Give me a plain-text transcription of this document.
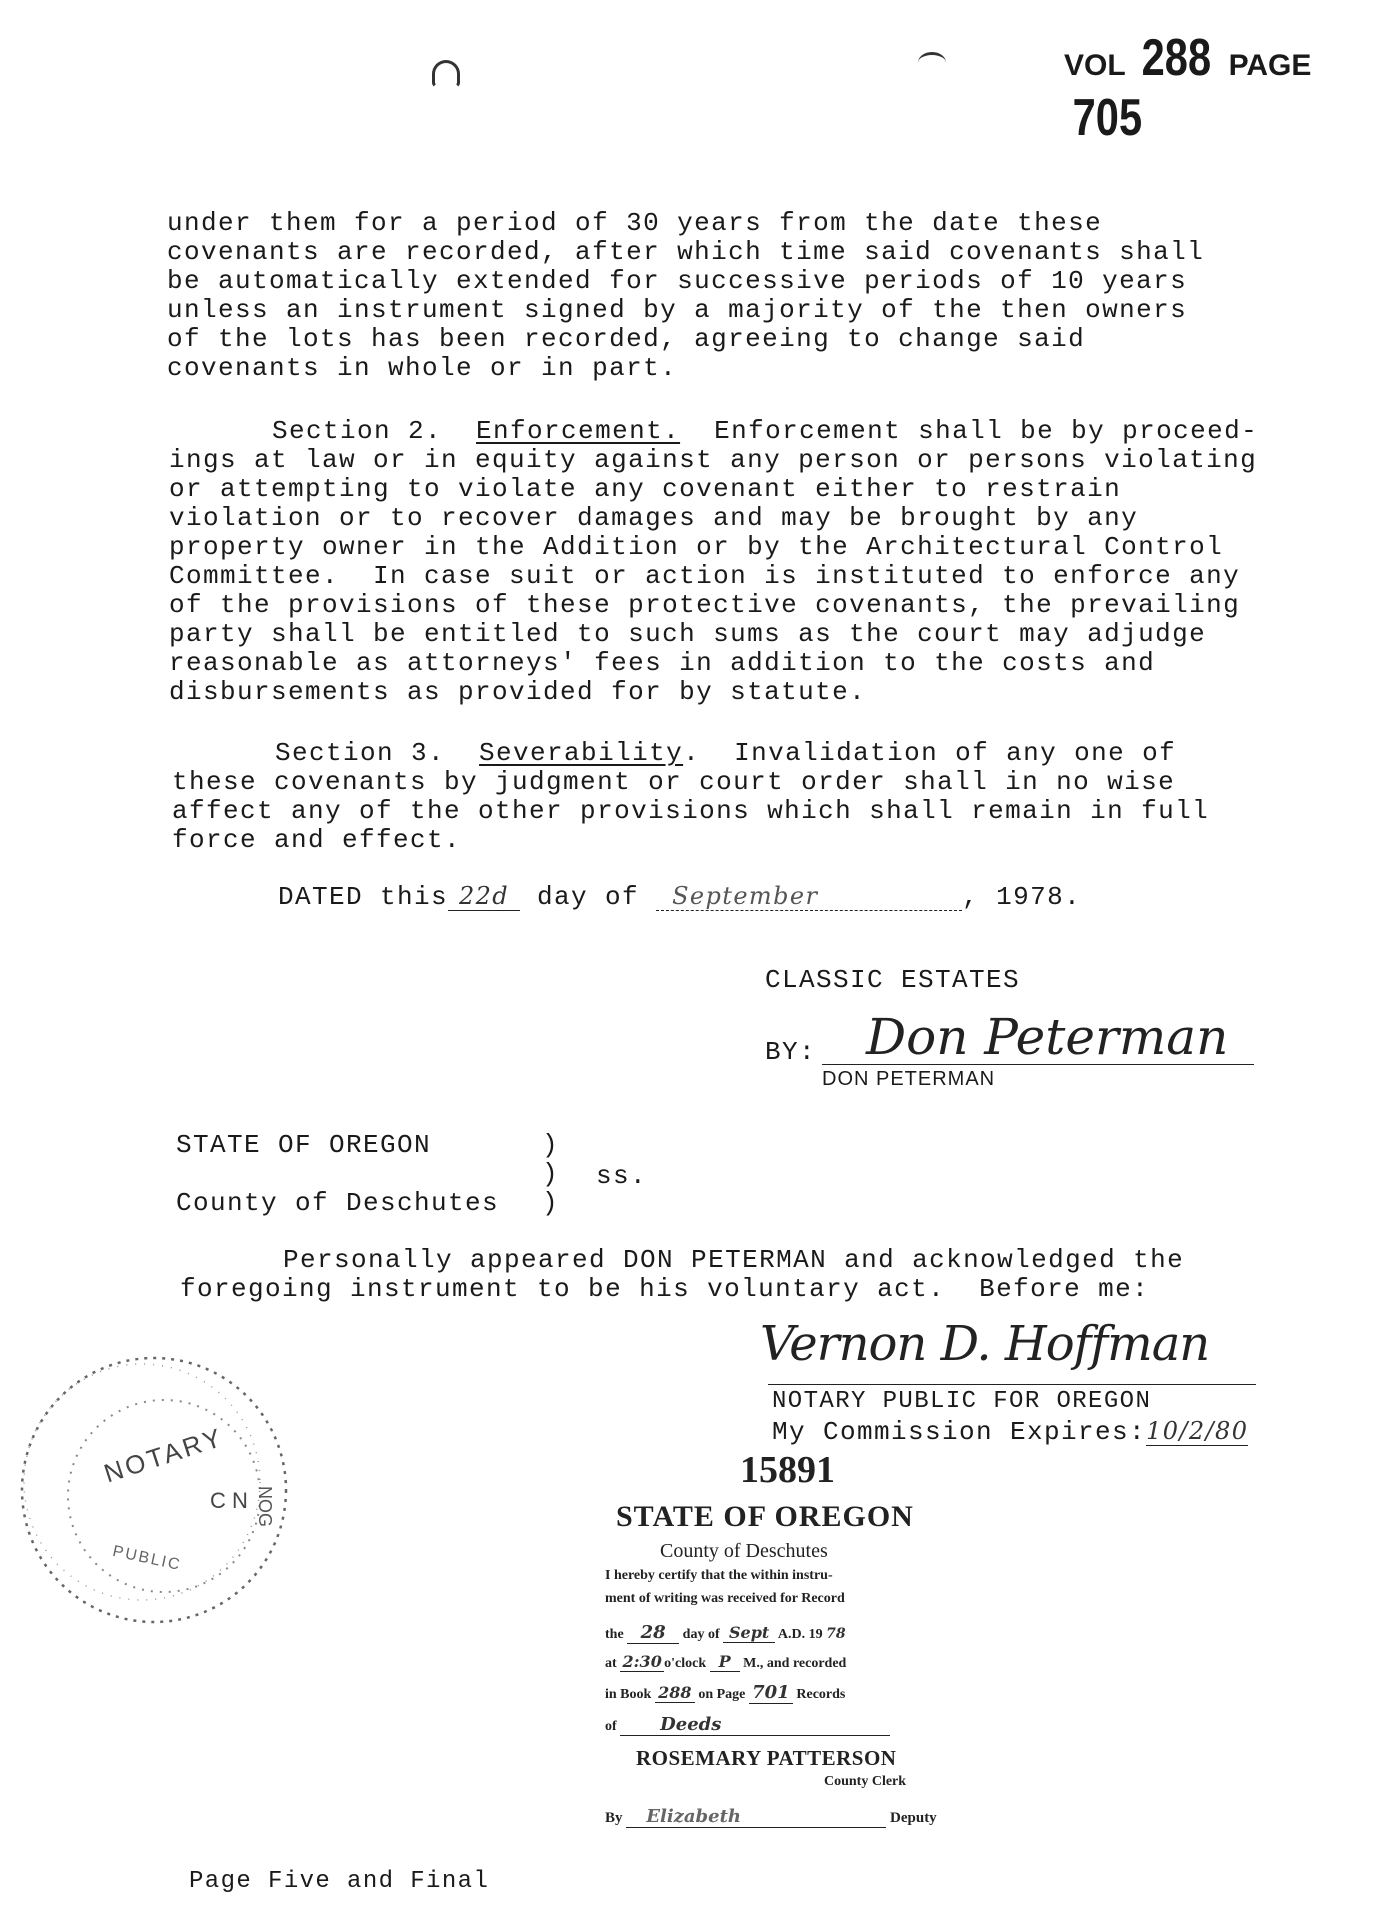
VOL 288 PAGE 705
under them for a period of 30 years from the date these
covenants are recorded, after which time said covenants shall
be automatically extended for successive periods of 10 years
unless an instrument signed by a majority of the then owners
of the lots has been recorded, agreeing to change said
covenants in whole or in part.
Section 2. Enforcement. Enforcement shall be by proceed-
ings at law or in equity against any person or persons violating
or attempting to violate any covenant either to restrain
violation or to recover damages and may be brought by any
property owner in the Addition or by the Architectural Control
Committee.  In case suit or action is instituted to enforce any
of the provisions of these protective covenants, the prevailing
party shall be entitled to such sums as the court may adjudge
reasonable as attorneys' fees in addition to the costs and
disbursements as provided for by statute.
Section 3. Severability.  Invalidation of any one of
these covenants by judgment or court order shall in no wise
affect any of the other provisions which shall remain in full
force and effect.
DATED this 22d day of September	, 1978.
CLASSIC ESTATES
BY: Don Peterman
DON PETERMAN
STATE OF OREGON
County of Deschutes
)
)
)
ss.
Personally appeared DON PETERMAN and acknowledged the
foregoing instrument to be his voluntary act.  Before me:
Vernon D. Hoffman
NOTARY PUBLIC FOR OREGON
My Commission Expires:10/2/80
NOTARY
C N NOG
PUBLIC
15891
STATE OF OREGON
County of Deschutes
I hereby certify that the within instru-
ment of writing was received for Record
the 28 day of Sept A.D. 19 78
at 2:30 o'clock P M., and recorded
in Book 288 on Page 701 Records
of Deeds
ROSEMARY PATTERSON
County Clerk
By Elizabeth	Deputy
Page Five and Final
